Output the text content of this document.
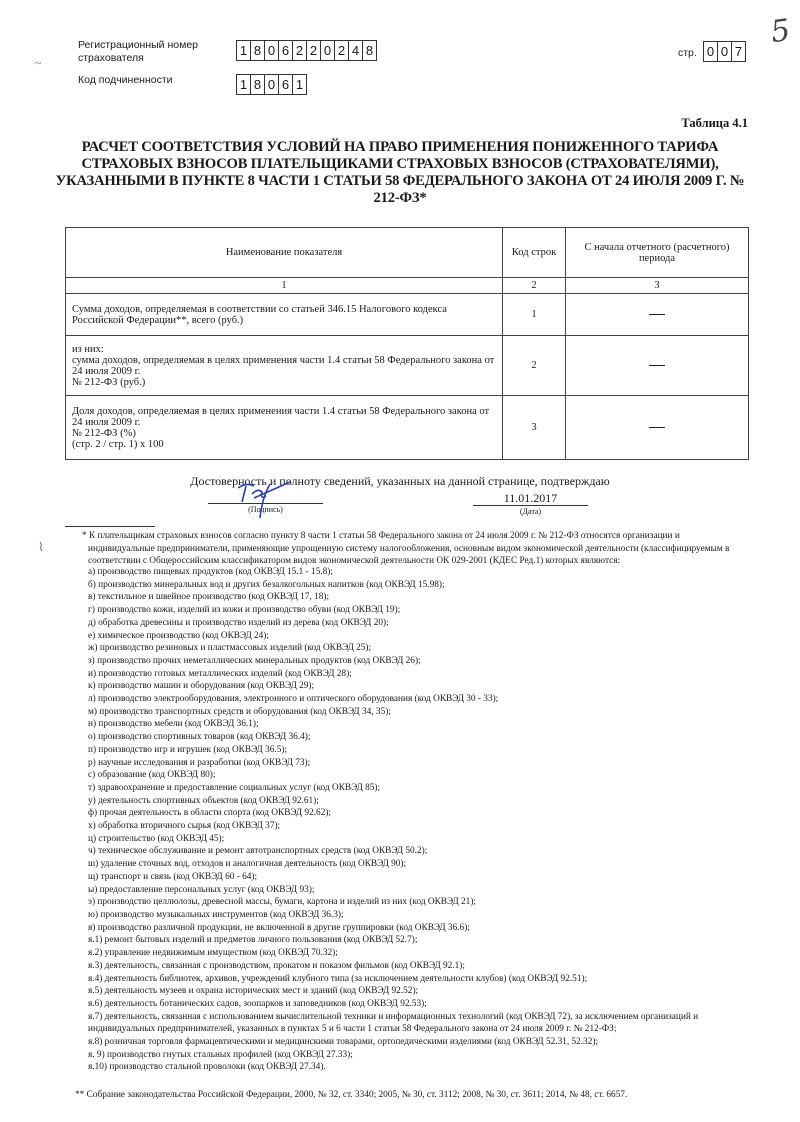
Регистрационный номер страхователя	1 8 0 6 2 2 0 2 4 8
Код подчиненности	1 8 0 6 1
стр. 0 0 7
5
~
Таблица 4.1
РАСЧЕТ СООТВЕТСТВИЯ УСЛОВИЙ НА ПРАВО ПРИМЕНЕНИЯ ПОНИЖЕННОГО ТАРИФА СТРАХОВЫХ ВЗНОСОВ ПЛАТЕЛЬЩИКАМИ СТРАХОВЫХ ВЗНОСОВ (СТРАХОВАТЕЛЯМИ), УКАЗАННЫМИ В ПУНКТЕ 8 ЧАСТИ 1 СТАТЬИ 58 ФЕДЕРАЛЬНОГО ЗАКОНА ОТ 24 ИЮЛЯ 2009 Г. № 212-ФЗ*
Наименование показателя	Код строк	С начала отчетного (расчетного) периода
1	2	3
Сумма доходов, определяемая в соответствии со статьей 346.15 Налогового кодекса Российской Федерации**, всего (руб.)	1	

из них:
сумма доходов, определяемая в целях применения части 1.4 статьи 58 Федерального закона от 24 июля 2009 г.
№ 212-ФЗ (руб.)	2	

Доля доходов, определяемая в целях применения части 1.4 статьи 58 Федерального закона от 24 июля 2009 г.
№ 212-ФЗ (%)
(стр. 2 / стр. 1) х 100	3	
Достоверность и полноту сведений, указанных на данной странице, подтверждаю
(Подпись)
11.01.2017
(Дата)
⌇
* К плательщикам страховых взносов согласно пункту 8 части 1 статьи 58 Федерального закона от 24 июля 2009 г. № 212-ФЗ относятся организации и индивидуальные предприниматели, применяющие упрощенную систему налогообложения, основным видом экономической деятельности (классифицируемым в соответствии с Общероссийским классификатором видов экономической деятельности ОК 029-2001 (КДЕС Ред.1) которых являются:
а) производство пищевых продуктов (код ОКВЭД 15.1 - 15.8);
б) производство минеральных вод и других безалкогольных напитков (код ОКВЭД 15.98);
в) текстильное и швейное производство (код ОКВЭД 17, 18);
г) производство кожи, изделий из кожи и производство обуви (код ОКВЭД 19);
д) обработка древесины и производство изделий из дерева (код ОКВЭД 20);
е) химическое производство (код ОКВЭД 24);
ж) производство резиновых и пластмассовых изделий (код ОКВЭД 25);
з) производство прочих неметаллических минеральных продуктов (код ОКВЭД 26);
и) производство готовых металлических изделий (код ОКВЭД 28);
к) производство машин и оборудования (код ОКВЭД 29);
л) производство электрооборудования, электронного и оптического оборудования (код ОКВЭД 30 - 33);
м) производство транспортных средств и оборудования (код ОКВЭД 34, 35);
н) производство мебели (код ОКВЭД 36.1);
о) производство спортивных товаров (код ОКВЭД 36.4);
п) производство игр и игрушек (код ОКВЭД 36.5);
р) научные исследования и разработки (код ОКВЭД 73);
с) образование (код ОКВЭД 80);
т) здравоохранение и предоставление социальных услуг (код ОКВЭД 85);
у) деятельность спортивных объектов (код ОКВЭД 92.61);
ф) прочая деятельность в области спорта (код ОКВЭД 92.62);
х) обработка вторичного сырья (код ОКВЭД 37);
ц) строительство (код ОКВЭД 45);
ч) техническое обслуживание и ремонт автотранспортных средств (код ОКВЭД 50.2);
ш) удаление сточных вод, отходов и аналогичная деятельность (код ОКВЭД 90);
щ) транспорт и связь (код ОКВЭД 60 - 64);
ы) предоставление персональных услуг (код ОКВЭД 93);
э) производство целлюлозы, древесной массы, бумаги, картона и изделий из них (код ОКВЭД 21);
ю) производство музыкальных инструментов (код ОКВЭД 36.3);
я) производство различной продукции, не включенной в другие группировки (код ОКВЭД 36.6);
я.1) ремонт бытовых изделий и предметов личного пользования (код ОКВЭД 52.7);
я.2) управление недвижимым имуществом (код ОКВЭД 70.32);
я.3) деятельность, связанная с производством, прокатом и показом фильмов (код ОКВЭД 92.1);
я.4) деятельность библиотек, архивов, учреждений клубного типа (за исключением деятельности клубов) (код ОКВЭД 92.51);
я.5) деятельность музеев и охрана исторических мест и зданий (код ОКВЭД 92.52);
я.6) деятельность ботанических садов, зоопарков и заповедников (код ОКВЭД 92.53);
я.7) деятельность, связанная с использованием вычислительной техники и информационных технологий (код ОКВЭД 72), за исключением организаций и индивидуальных предпринимателей, указанных в пунктах 5 и 6 части 1 статьи 58 Федерального закона от 24 июля 2009 г. № 212-ФЗ;
я.8) розничная торговля фармацевтическими и медицинскими товарами, ортопедическими изделиями (код ОКВЭД 52.31, 52.32);
я. 9) производство гнутых стальных профилей (код ОКВЭД 27.33);
я.10) производство стальной проволоки (код ОКВЭД 27.34).
** Собрание законодательства Российской Федерации, 2000, № 32, ст. 3340; 2005, № 30, ст. 3112; 2008, № 30, ст. 3611; 2014, № 48, ст. 6657.
